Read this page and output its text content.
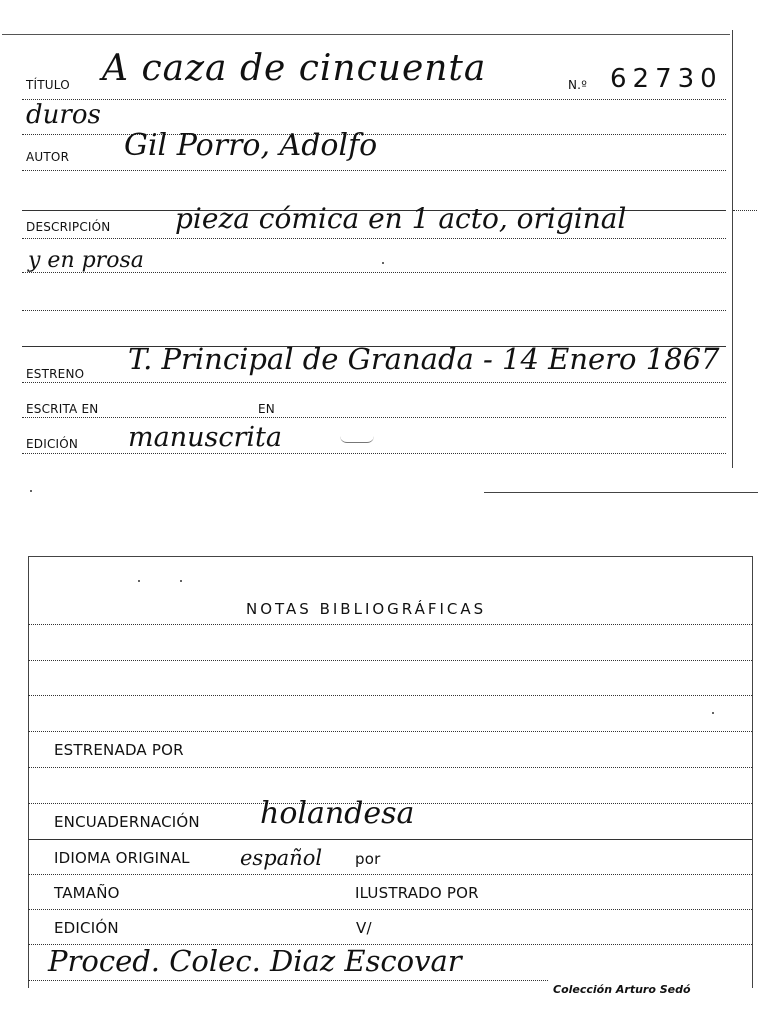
TÍTULO A caza de cincuenta	N.º 62730
duros
AUTOR Gil Porro, Adolfo
DESCRIPCIÓN pieza cómica en 1 acto, original
y en prosa
ESTRENO T. Principal de Granada - 14 Enero 1867
ESCRITA EN	EN
EDICIÓN manuscrita
NOTAS BIBLIOGRÁFICAS
ESTRENADA POR
ENCUADERNACIÓN holandesa
IDIOMA ORIGINAL español por
TAMAÑO	ILUSTRADO POR
EDICIÓN	V/
Proced. Colec. Diaz Escovar
Colección Arturo Sedó
